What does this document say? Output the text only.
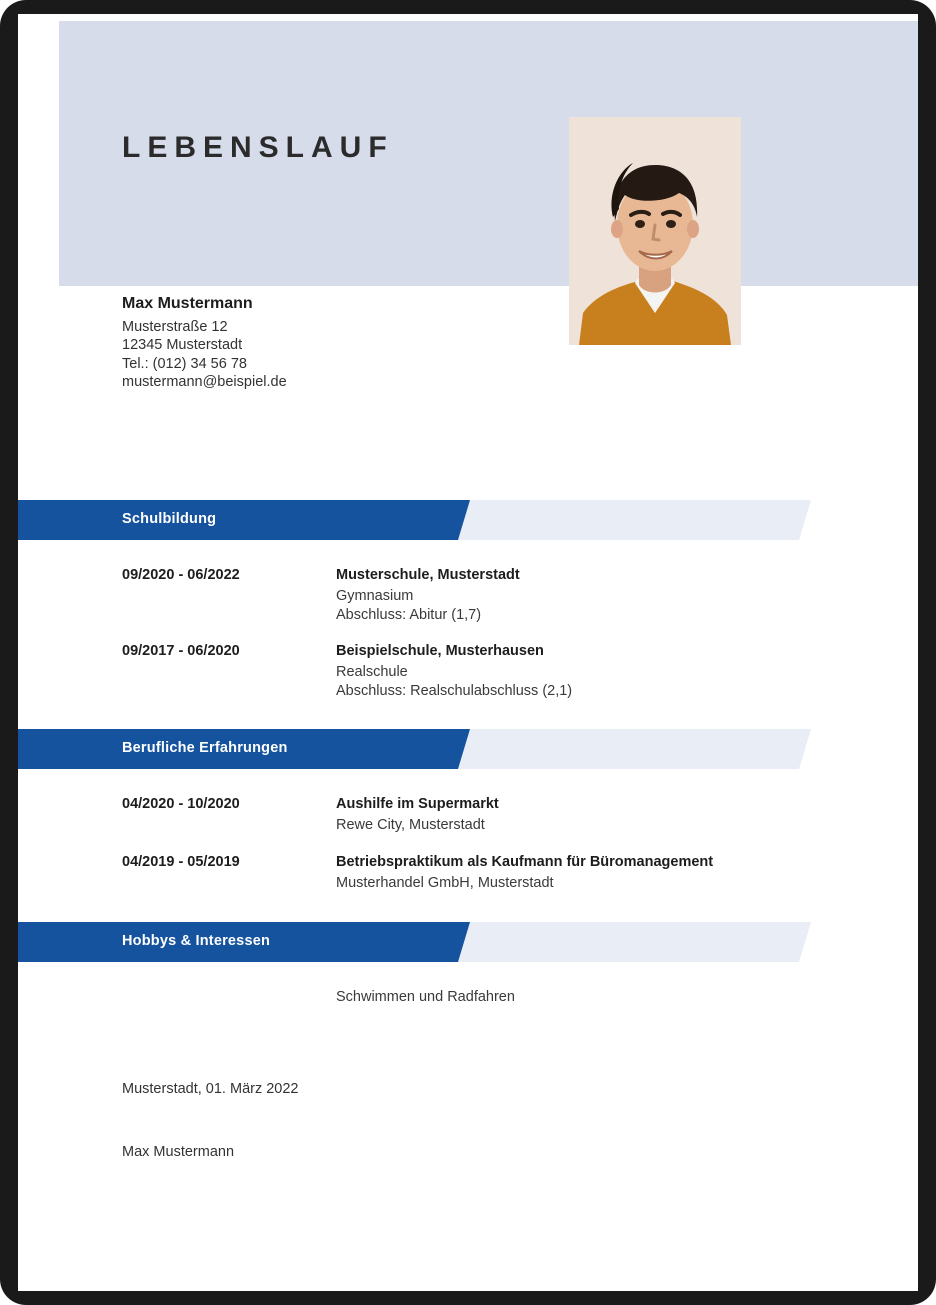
LEBENSLAUF
Max Mustermann
Musterstraße 12
12345 Musterstadt
Tel.: (012) 34 56 78
mustermann@beispiel.de
Schulbildung
09/2020 - 06/2022	Musterschule, Musterstadt
Gymnasium
Abschluss: Abitur (1,7)
09/2017 - 06/2020	Beispielschule, Musterhausen
Realschule
Abschluss: Realschulabschluss (2,1)
Berufliche Erfahrungen
04/2020 - 10/2020	Aushilfe im Supermarkt
Rewe City, Musterstadt
04/2019 - 05/2019	Betriebspraktikum als Kaufmann für Büromanagement
Musterhandel GmbH, Musterstadt
Hobbys & Interessen
Schwimmen und Radfahren
Musterstadt, 01. März 2022
Max Mustermann
